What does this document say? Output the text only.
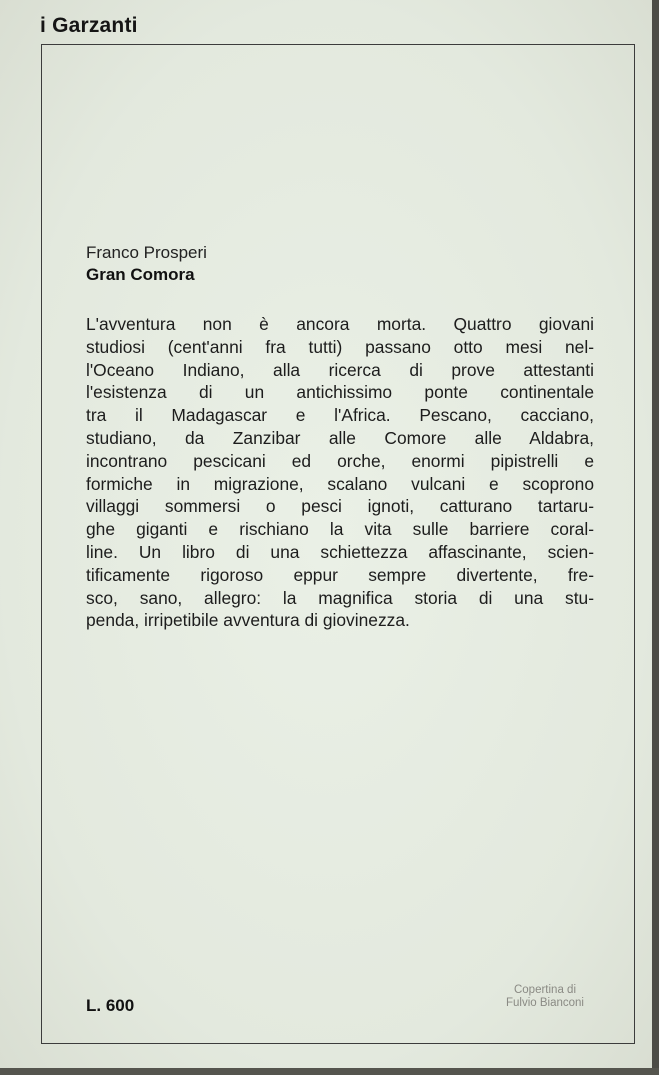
i Garzanti
Franco Prosperi
Gran Comora
L'avventura non è ancora morta. Quattro giovani
studiosi (cent'anni fra tutti) passano otto mesi nel-
l'Oceano Indiano, alla ricerca di prove attestanti
l'esistenza di un antichissimo ponte continentale
tra il Madagascar e l'Africa. Pescano, cacciano,
studiano, da Zanzibar alle Comore alle Aldabra,
incontrano pescicani ed orche, enormi pipistrelli e
formiche in migrazione, scalano vulcani e scoprono
villaggi sommersi o pesci ignoti, catturano tartaru-
ghe giganti e rischiano la vita sulle barriere coral-
line. Un libro di una schiettezza affascinante, scien-
tificamente rigoroso eppur sempre divertente, fre-
sco, sano, allegro: la magnifica storia di una stu-
penda, irripetibile avventura di giovinezza.
L. 600
Copertina di
Fulvio Bianconi
